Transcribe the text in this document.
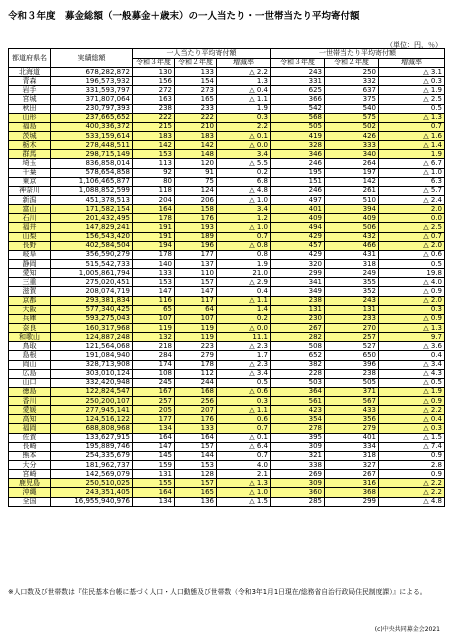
令和３年度　募金総額（一般募金＋歳末）の一人当たり・一世帯当たり平均寄付額
（単位：円，％）
都道府県名	実績総額	一人当たり平均寄付額			一世帯当たり平均寄付額		
		令和３年度	令和２年度	増減率	令和３年度	令和２年度	増減率
北海道	678,282,872	130	133	△ 2.2	243	250	△ 3.1
青森	196,573,932	156	154	1.3	331	332	△ 0.3
岩手	331,593,797	272	273	△ 0.4	625	637	△ 1.9
宮城	371,807,064	163	165	△ 1.1	366	375	△ 2.5
秋田	230,797,393	238	233	1.9	542	540	0.5
山形	237,665,652	222	222	0.3	568	575	△ 1.3
福島	400,336,372	215	210	2.2	505	502	0.7
茨城	533,159,614	183	183	△ 0.1	419	426	△ 1.6
栃木	278,448,511	142	142	△ 0.0	328	333	△ 1.4
群馬	298,715,149	153	148	3.4	346	340	1.9
埼玉	836,858,014	113	120	△ 5.5	246	264	△ 6.7
千葉	578,654,858	92	91	0.2	195	197	△ 1.0
東京	1,106,465,877	80	75	6.8	151	142	6.3
神奈川	1,088,852,599	118	124	△ 4.8	246	261	△ 5.7
新潟	451,378,513	204	206	△ 1.0	497	510	△ 2.4
富山	171,582,154	164	158	3.4	401	394	2.0
石川	201,432,495	178	176	1.2	409	409	0.0
福井	147,829,241	191	193	△ 1.0	494	506	△ 2.5
山梨	156,543,420	191	189	0.7	429	432	△ 0.7
長野	402,584,504	194	196	△ 0.8	457	466	△ 2.0
岐阜	356,590,279	178	177	0.8	429	431	△ 0.6
静岡	515,542,733	140	137	1.9	320	318	0.5
愛知	1,005,861,794	133	110	21.0	299	249	19.8
三重	275,020,451	153	157	△ 2.9	341	355	△ 4.0
滋賀	208,074,719	147	147	0.4	349	352	△ 0.9
京都	293,381,834	116	117	△ 1.1	238	243	△ 2.0
大阪	577,340,425	65	64	1.4	131	131	0.3
兵庫	593,275,043	107	107	0.2	230	233	△ 0.9
奈良	160,317,968	119	119	△ 0.0	267	270	△ 1.3
和歌山	124,887,248	132	119	11.1	282	257	9.7
鳥取	121,564,068	218	223	△ 2.3	508	527	△ 3.6
島根	191,084,940	284	279	1.7	652	650	0.4
岡山	328,713,908	174	178	△ 2.3	382	396	△ 3.4
広島	303,010,124	108	112	△ 3.4	228	238	△ 4.3
山口	332,420,948	245	244	0.5	503	505	△ 0.5
徳島	122,824,547	167	168	△ 0.6	364	371	△ 1.9
香川	250,200,107	257	256	0.3	561	567	△ 0.9
愛媛	277,945,141	205	207	△ 1.1	423	433	△ 2.2
高知	124,516,122	177	176	0.6	354	356	△ 0.4
福岡	688,808,968	134	133	0.7	278	279	△ 0.3
佐賀	133,627,915	164	164	△ 0.1	395	401	△ 1.5
長崎	195,889,746	147	157	△ 6.4	309	334	△ 7.4
熊本	254,335,679	145	144	0.7	321	318	0.9
大分	181,962,737	159	153	4.0	338	327	2.8
宮崎	142,569,079	131	128	2.1	269	267	0.9
鹿児島	250,510,025	155	157	△ 1.3	309	316	△ 2.2
沖縄	243,351,405	164	165	△ 1.0	360	368	△ 2.2
全国	16,955,940,976	134	136	△ 1.5	285	299	△ 4.8
※人口数及び世帯数は『住民基本台帳に基づく人口・人口動態及び世帯数（令和3年1月1日現在/総務省自治行政局住民制度課）』による。
(c)中央共同募金会2021
